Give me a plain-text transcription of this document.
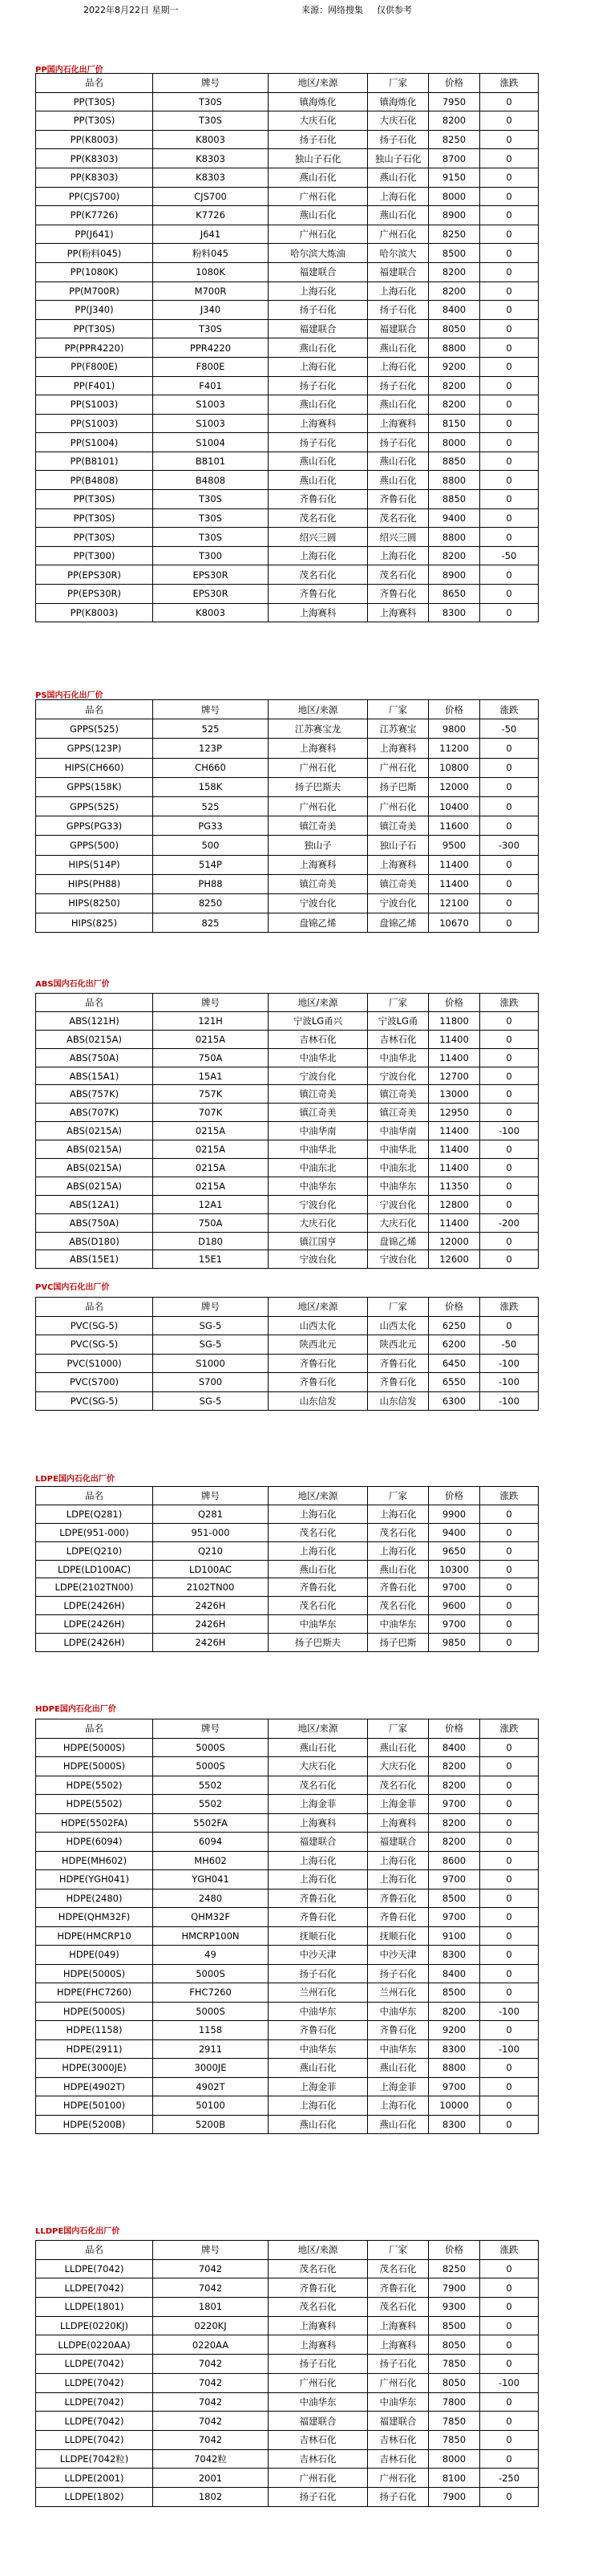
2022年8月22日 星期一	来源：网络搜集 仅供参考
PP国内石化出厂价
品名	牌号	地区/来源	厂家	价格	涨跌
PP(T30S)	T30S	镇海炼化	镇海炼化	7950	0
PP(T30S)	T30S	大庆石化	大庆石化	8200	0
PP(K8003)	K8003	扬子石化	扬子石化	8250	0
PP(K8303)	K8303	独山子石化	独山子石化	8700	0
PP(K8303)	K8303	燕山石化	燕山石化	9150	0
PP(CJS700)	CJS700	广州石化	上海石化	8000	0
PP(K7726)	K7726	燕山石化	燕山石化	8900	0
PP(J641)	J641	广州石化	广州石化	8250	0
PP(粉料045)	粉料045	哈尔滨大炼油	哈尔滨大	8500	0
PP(1080K)	1080K	福建联合	福建联合	8200	0
PP(M700R)	M700R	上海石化	上海石化	8200	0
PP(J340)	J340	扬子石化	扬子石化	8400	0
PP(T30S)	T30S	福建联合	福建联合	8050	0
PP(PPR4220)	PPR4220	燕山石化	燕山石化	8800	0
PP(F800E)	F800E	上海石化	上海石化	9200	0
PP(F401)	F401	扬子石化	扬子石化	8200	0
PP(S1003)	S1003	燕山石化	燕山石化	8200	0
PP(S1003)	S1003	上海赛科	上海赛科	8150	0
PP(S1004)	S1004	扬子石化	扬子石化	8000	0
PP(B8101)	B8101	燕山石化	燕山石化	8850	0
PP(B4808)	B4808	燕山石化	燕山石化	8800	0
PP(T30S)	T30S	齐鲁石化	齐鲁石化	8850	0
PP(T30S)	T30S	茂名石化	茂名石化	9400	0
PP(T30S)	T30S	绍兴三圆	绍兴三圆	8800	0
PP(T300)	T300	上海石化	上海石化	8200	-50
PP(EPS30R)	EPS30R	茂名石化	茂名石化	8900	0
PP(EPS30R)	EPS30R	齐鲁石化	齐鲁石化	8650	0
PP(K8003)	K8003	上海赛科	上海赛科	8300	0
PS国内石化出厂价
品名	牌号	地区/来源	厂家	价格	涨跌
GPPS(525)	525	江苏赛宝龙	江苏赛宝	9800	-50
GPPS(123P)	123P	上海赛科	上海赛科	11200	0
HIPS(CH660)	CH660	广州石化	广州石化	10800	0
GPPS(158K)	158K	扬子巴斯夫	扬子巴斯	12000	0
GPPS(525)	525	广州石化	广州石化	10400	0
GPPS(PG33)	PG33	镇江奇美	镇江奇美	11600	0
GPPS(500)	500	独山子	独山子石	9500	-300
HIPS(514P)	514P	上海赛科	上海赛科	11400	0
HIPS(PH88)	PH88	镇江奇美	镇江奇美	11400	0
HIPS(8250)	8250	宁波台化	宁波台化	12100	0
HIPS(825)	825	盘锦乙烯	盘锦乙烯	10670	0
ABS国内石化出厂价
品名	牌号	地区/来源	厂家	价格	涨跌
ABS(121H)	121H	宁波LG甬兴	宁波LG甬	11800	0
ABS(0215A)	0215A	吉林石化	吉林石化	11400	0
ABS(750A)	750A	中油华北	中油华北	11400	0
ABS(15A1)	15A1	宁波台化	宁波台化	12700	0
ABS(757K)	757K	镇江奇美	镇江奇美	13000	0
ABS(707K)	707K	镇江奇美	镇江奇美	12950	0
ABS(0215A)	0215A	中油华南	中油华南	11400	-100
ABS(0215A)	0215A	中油华北	中油华北	11400	0
ABS(0215A)	0215A	中油东北	中油东北	11400	0
ABS(0215A)	0215A	中油华东	中油华东	11350	0
ABS(12A1)	12A1	宁波台化	宁波台化	12800	0
ABS(750A)	750A	大庆石化	大庆石化	11400	-200
ABS(D180)	D180	镇江国亨	盘锦乙烯	12000	0
ABS(15E1)	15E1	宁波台化	宁波台化	12600	0
PVC国内石化出厂价
品名	牌号	地区/来源	厂家	价格	涨跌
PVC(SG-5)	SG-5	山西太化	山西太化	6250	0
PVC(SG-5)	SG-5	陕西北元	陕西北元	6200	-50
PVC(S1000)	S1000	齐鲁石化	齐鲁石化	6450	-100
PVC(S700)	S700	齐鲁石化	齐鲁石化	6550	-100
PVC(SG-5)	SG-5	山东信发	山东信发	6300	-100
LDPE国内石化出厂价
品名	牌号	地区/来源	厂家	价格	涨跌
LDPE(Q281)	Q281	上海石化	上海石化	9900	0
LDPE(951-000)	951-000	茂名石化	茂名石化	9400	0
LDPE(Q210)	Q210	上海石化	上海石化	9650	0
LDPE(LD100AC)	LD100AC	燕山石化	燕山石化	10300	0
LDPE(2102TN00)	2102TN00	齐鲁石化	齐鲁石化	9700	0
LDPE(2426H)	2426H	茂名石化	茂名石化	9600	0
LDPE(2426H)	2426H	中油华东	中油华东	9700	0
LDPE(2426H)	2426H	扬子巴斯夫	扬子巴斯	9850	0
HDPE国内石化出厂价
品名	牌号	地区/来源	厂家	价格	涨跌
HDPE(5000S)	5000S	燕山石化	燕山石化	8400	0
HDPE(5000S)	5000S	大庆石化	大庆石化	8200	0
HDPE(5502)	5502	茂名石化	茂名石化	8200	0
HDPE(5502)	5502	上海金菲	上海金菲	9700	0
HDPE(5502FA)	5502FA	上海赛科	上海赛科	8200	0
HDPE(6094)	6094	福建联合	福建联合	8200	0
HDPE(MH602)	MH602	上海石化	上海石化	8600	0
HDPE(YGH041)	YGH041	上海石化	上海石化	9700	0
HDPE(2480)	2480	齐鲁石化	齐鲁石化	8500	0
HDPE(QHM32F)	QHM32F	齐鲁石化	齐鲁石化	9700	0
HDPE(HMCRP10	HMCRP100N	抚顺石化	抚顺石化	9100	0
HDPE(049)	49	中沙天津	中沙天津	8300	0
HDPE(5000S)	5000S	扬子石化	扬子石化	8400	0
HDPE(FHC7260)	FHC7260	兰州石化	兰州石化	8500	0
HDPE(5000S)	5000S	中油华东	中油华东	8200	-100
HDPE(1158)	1158	齐鲁石化	齐鲁石化	9200	0
HDPE(2911)	2911	中油华东	中油华东	8300	-100
HDPE(3000JE)	3000JE	燕山石化	燕山石化	8800	0
HDPE(4902T)	4902T	上海金菲	上海金菲	9700	0
HDPE(50100)	50100	上海石化	上海石化	10000	0
HDPE(5200B)	5200B	燕山石化	燕山石化	8300	0
LLDPE国内石化出厂价
品名	牌号	地区/来源	厂家	价格	涨跌
LLDPE(7042)	7042	茂名石化	茂名石化	8250	0
LLDPE(7042)	7042	齐鲁石化	齐鲁石化	7900	0
LLDPE(1801)	1801	茂名石化	茂名石化	9300	0
LLDPE(0220KJ)	0220KJ	上海赛科	上海赛科	8500	0
LLDPE(0220AA)	0220AA	上海赛科	上海赛科	8050	0
LLDPE(7042)	7042	扬子石化	扬子石化	7850	0
LLDPE(7042)	7042	广州石化	广州石化	8050	-100
LLDPE(7042)	7042	中油华东	中油华东	7800	0
LLDPE(7042)	7042	福建联合	福建联合	7850	0
LLDPE(7042)	7042	吉林石化	吉林石化	7850	0
LLDPE(7042粒)	7042粒	吉林石化	吉林石化	8000	0
LLDPE(2001)	2001	广州石化	广州石化	8100	-250
LLDPE(1802)	1802	扬子石化	扬子石化	7900	0
